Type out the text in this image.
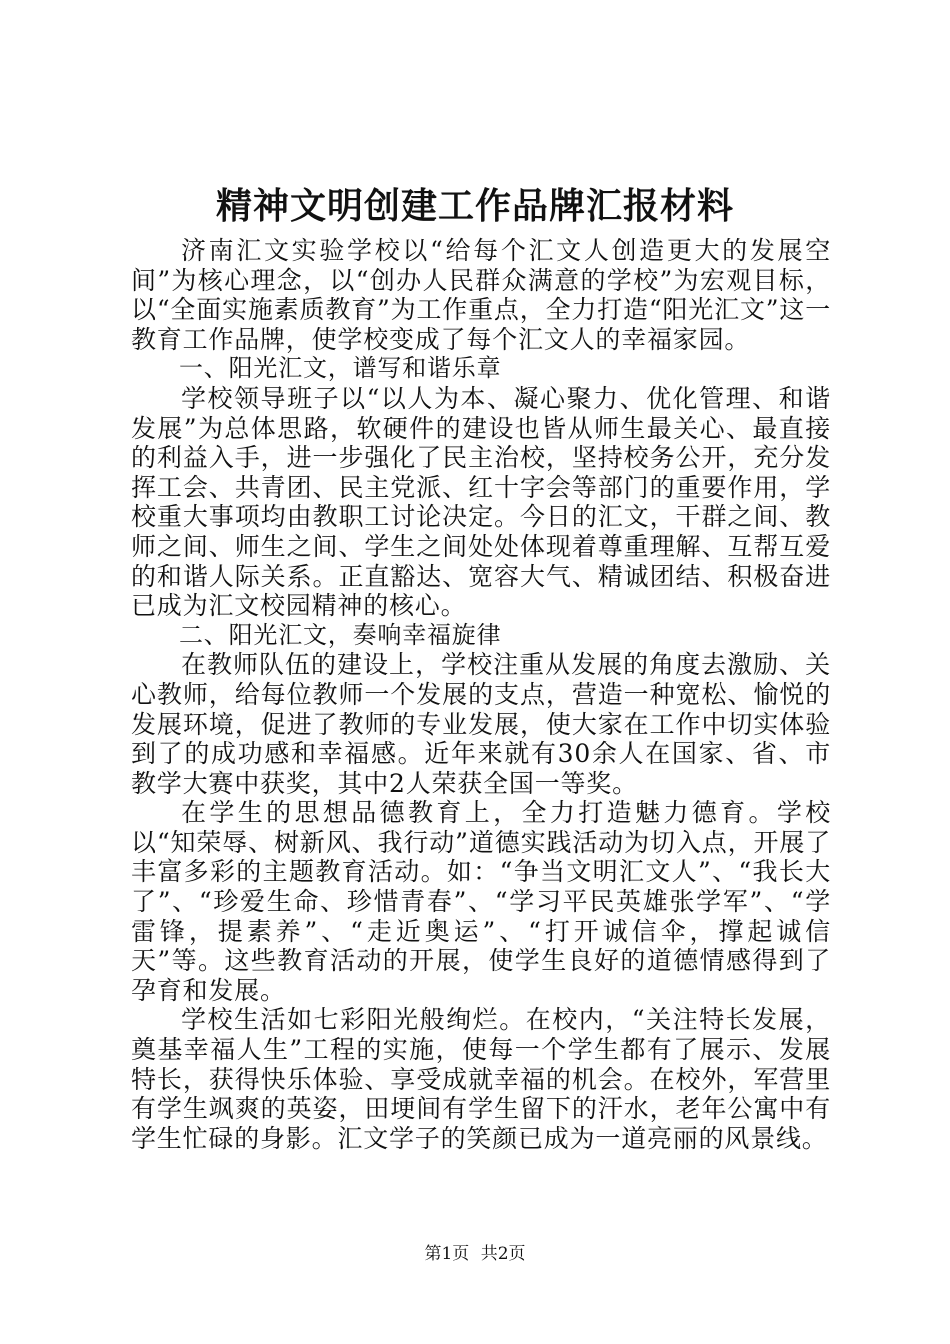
精神文明创建工作品牌汇报材料

济南汇文实验学校以“给每个汇文人创造更大的发展空间”为核心理念，以“创办人民群众满意的学校”为宏观目标，以“全面实施素质教育”为工作重点，全力打造“阳光汇文”这一教育工作品牌，使学校变成了每个汇文人的幸福家园。

一、阳光汇文，谱写和谐乐章

学校领导班子以“以人为本、凝心聚力、优化管理、和谐发展”为总体思路，软硬件的建设也皆从师生最关心、最直接的利益入手，进一步强化了民主治校，坚持校务公开，充分发挥工会、共青团、民主党派、红十字会等部门的重要作用，学校重大事项均由教职工讨论决定。今日的汇文，干群之间、教师之间、师生之间、学生之间处处体现着尊重理解、互帮互爱的和谐人际关系。正直豁达、宽容大气、精诚团结、积极奋进已成为汇文校园精神的核心。

二、阳光汇文，奏响幸福旋律

在教师队伍的建设上，学校注重从发展的角度去激励、关心教师，给每位教师一个发展的支点，营造一种宽松、愉悦的发展环境，促进了教师的专业发展，使大家在工作中切实体验到了的成功感和幸福感。近年来就有30余人在国家、省、市教学大赛中获奖，其中2人荣获全国一等奖。

在学生的思想品德教育上，全力打造魅力德育。学校以“知荣辱、树新风、我行动”道德实践活动为切入点，开展了丰富多彩的主题教育活动。如：“争当文明汇文人”、“我长大了”、“珍爱生命、珍惜青春”、“学习平民英雄张学军”、“学雷锋，提素养”、“走近奥运”、“打开诚信伞，撑起诚信天”等。这些教育活动的开展，使学生良好的道德情感得到了孕育和发展。

学校生活如七彩阳光般绚烂。在校内，“关注特长发展，奠基幸福人生”工程的实施，使每一个学生都有了展示、发展特长，获得快乐体验、享受成就幸福的机会。在校外，军营里有学生飒爽的英姿，田埂间有学生留下的汗水，老年公寓中有学生忙碌的身影。汇文学子的笑颜已成为一道亮丽的风景线。

第1页 共2页
